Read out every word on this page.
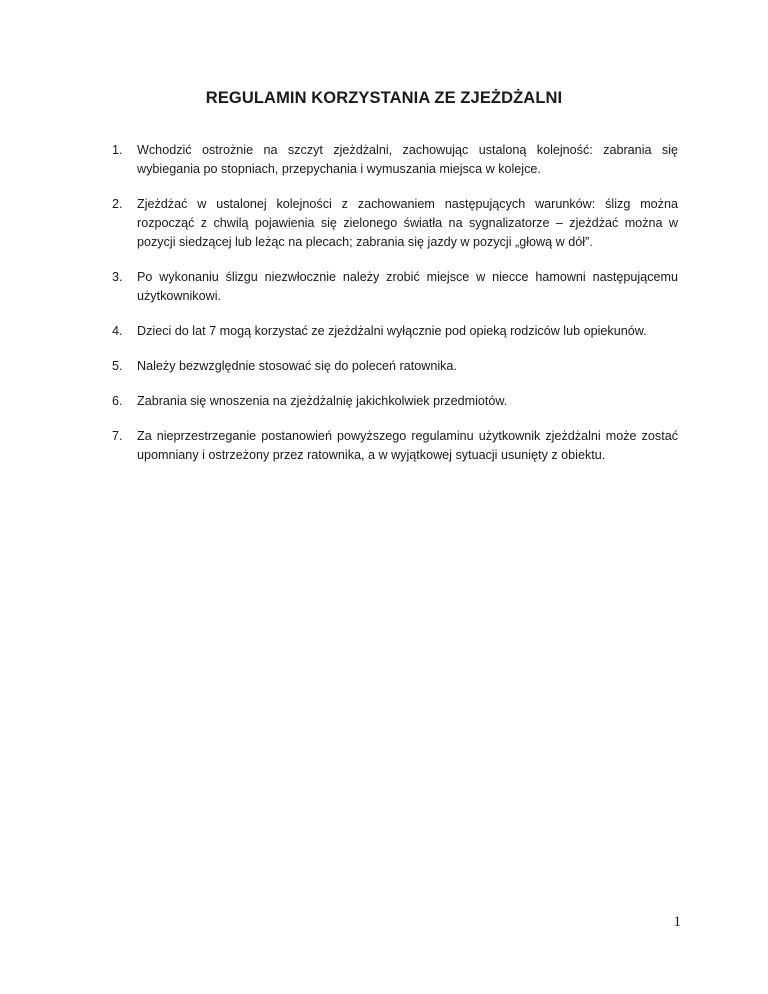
REGULAMIN KORZYSTANIA ZE ZJEŻDŻALNI
1. Wchodzić ostrożnie na szczyt zjeżdżalni, zachowując ustaloną kolejność: zabrania się wybiegania po stopniach, przepychania i wymuszania miejsca w kolejce.
2. Zjeżdżać w ustalonej kolejności z zachowaniem następujących warunków: ślizg można rozpocząć z chwilą pojawienia się zielonego światła na sygnalizatorze – zjeżdżać można w pozycji siedzącej lub leżąc na plecach; zabrania się jazdy w pozycji „głową w dół”.
3. Po wykonaniu ślizgu niezwłocznie należy zrobić miejsce w niecce hamowni następującemu użytkownikowi.
4. Dzieci do lat 7 mogą korzystać ze zjeżdżalni wyłącznie pod opieką rodziców lub opiekunów.
5. Należy bezwzględnie stosować się do poleceń ratownika.
6. Zabrania się wnoszenia na zjeżdżalnię jakichkolwiek przedmiotów.
7. Za nieprzestrzeganie postanowień powyższego regulaminu użytkownik zjeżdżalni może zostać upomniany i ostrzeżony przez ratownika, a w wyjątkowej sytuacji usunięty z obiektu.
1
